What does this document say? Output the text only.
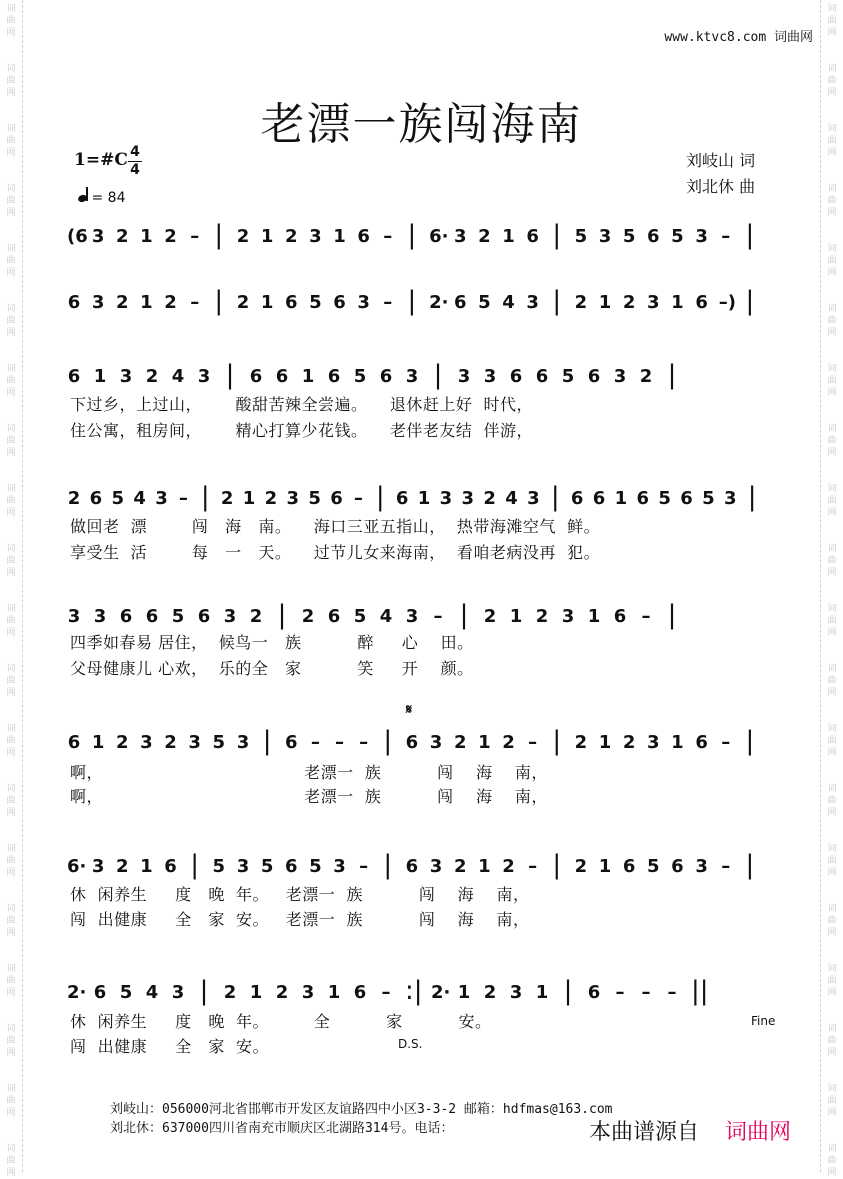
词
曲
网
词
曲
网
词
曲
网
词
曲
网
词
曲
网
词
曲
网
词
曲
网
词
曲
网
词
曲
网
词
曲
网
词
曲
网
词
曲
网
词
曲
网
词
曲
网
词
曲
网
词
曲
网
词
曲
网
词
曲
网
词
曲
网
词
曲
网
词
曲
网
词
曲
网
词
曲
网
词
曲
网
词
曲
网
词
曲
网
词
曲
网
词
曲
网
词
曲
网
词
曲
网
词
曲
网
词
曲
网
词
曲
网
词
曲
网
词
曲
网
词
曲
网
词
曲
网
词
曲
网
词
曲
网
词
曲
网
www.ktvc8.com 词曲网
老漂一族闯海南
1=#C 4
4
= 84
刘岐山 词
刘北休 曲
(6 3 2 1 2 – | 2 1 2 3 1 6 – | 6· 3 2 1 6 | 5 3 5 6 5 3 – |
6 3 2 1 2 – | 2 1 6 5 6 3 – | 2· 6 5 4 3 | 2 1 2 3 1 6 –) |
6 1 3 2 4 3 | 6 6 1 6 5 6 3 | 3 3 6 6 5 6 3 2 |
2 6 5 4 3 – | 2 1 2 3 5 6 – | 6 1 3 3 2 4 3 | 6 6 1 6 5 6 5 3 |
3 3 6 6 5 6 3 2 | 2 6 5 4 3 – | 2 1 2 3 1 6 – |
6 1 2 3 2 3 5 3 | 6 – – – | 6 3 2 1 2 – | 2 1 2 3 1 6 – |
6· 3 2 1 6 | 5 3 5 6 5 3 – | 6 3 2 1 2 – | 2 1 6 5 6 3 – |
2· 6 5 4 3 | 2 1 2 3 1 6 – :| 2· 1 2 3 1 | 6 – – – ||
下过乡，上过山，      酸甜苦辣全尝遍。    退休赶上好  时代，
住公寓，租房间，      精心打算少花钱。    老伴老友结  伴游，
做回老  漂        闯   海   南。    海口三亚五指山，  热带海滩空气  鲜。
享受生  活        每   一   天。    过节儿女来海南，  看咱老病没再  犯。
四季如春易 居住，  候鸟一   族          醉     心    田。
父母健康儿 心欢，  乐的全   家          笑     开    颜。
啊，                                    老漂一  族          闯    海    南，
啊，                                    老漂一  族          闯    海    南，
休  闲养生     度   晚  年。   老漂一  族          闯    海    南，
闯  出健康     全   家  安。   老漂一  族          闯    海    南，
休  闲养生     度   晚  年。        全          家          安。
闯  出健康     全   家  安。
𝄋
Fine
D.S.
刘岐山：056000河北省邯郸市开发区友谊路四中小区3-3-2 邮箱：hdfmas@163.com
刘北休：637000四川省南充市顺庆区北湖路314号。电话：	本曲谱源自 词曲网
